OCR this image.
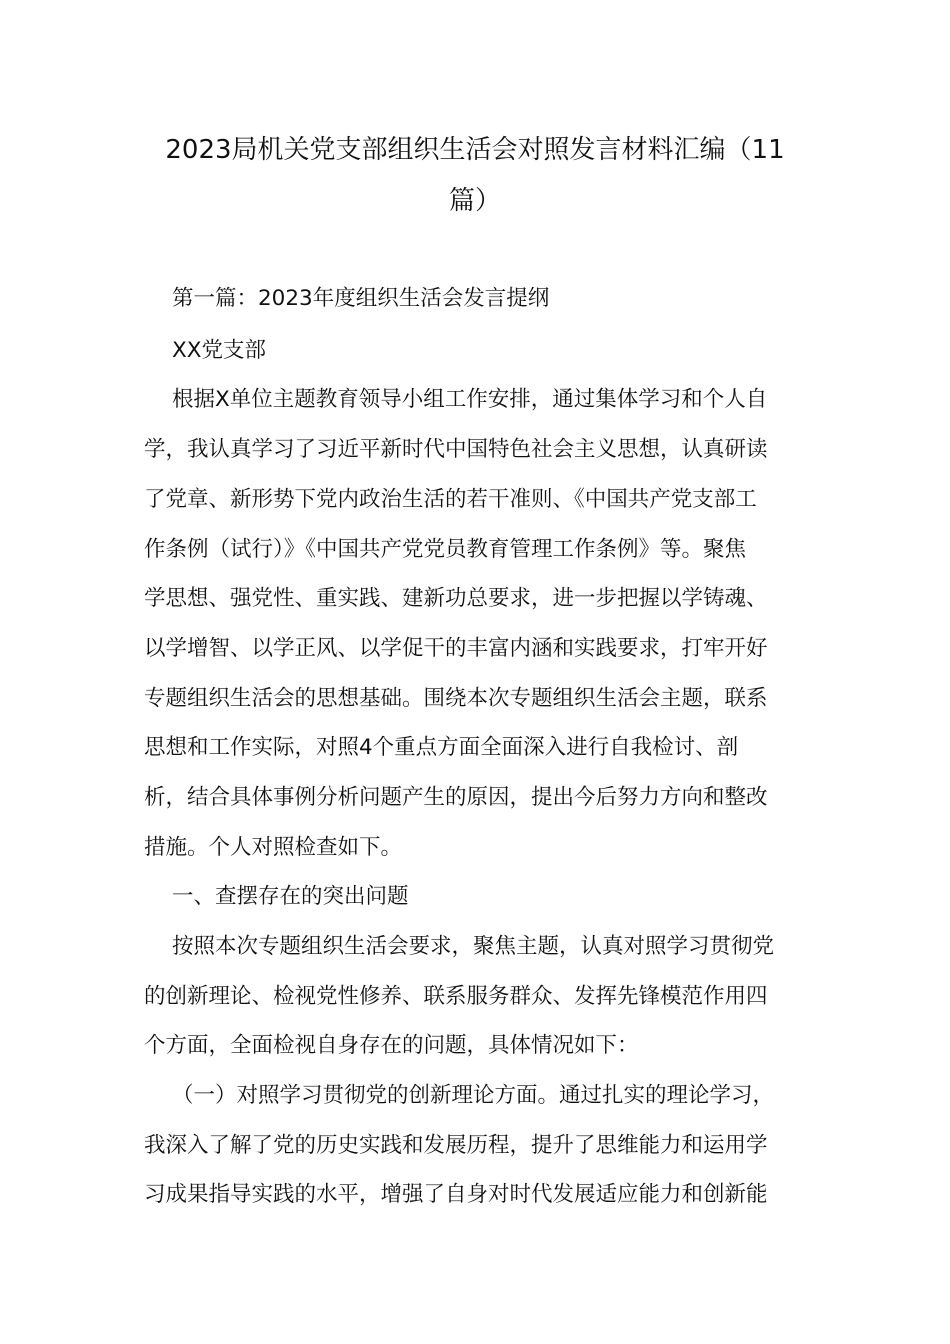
2023局机关党支部组织生活会对照发言材料汇编（11
篇）

第一篇：2023年度组织生活会发言提纲

XX党支部

根据X单位主题教育领导小组工作安排，通过集体学习和个人自

学，我认真学习了习近平新时代中国特色社会主义思想，认真研读

了党章、新形势下党内政治生活的若干准则、《中国共产党支部工

作条例（试行）》《中国共产党党员教育管理工作条例》等。聚焦

学思想、强党性、重实践、建新功总要求，进一步把握以学铸魂、

以学增智、以学正风、以学促干的丰富内涵和实践要求，打牢开好

专题组织生活会的思想基础。围绕本次专题组织生活会主题，联系

思想和工作实际，对照4个重点方面全面深入进行自我检讨、剖

析，结合具体事例分析问题产生的原因，提出今后努力方向和整改

措施。个人对照检查如下。

一、查摆存在的突出问题

按照本次专题组织生活会要求，聚焦主题，认真对照学习贯彻党

的创新理论、检视党性修养、联系服务群众、发挥先锋模范作用四

个方面，全面检视自身存在的问题，具体情况如下：

（一）对照学习贯彻党的创新理论方面。通过扎实的理论学习，

我深入了解了党的历史实践和发展历程，提升了思维能力和运用学

习成果指导实践的水平，增强了自身对时代发展适应能力和创新能
